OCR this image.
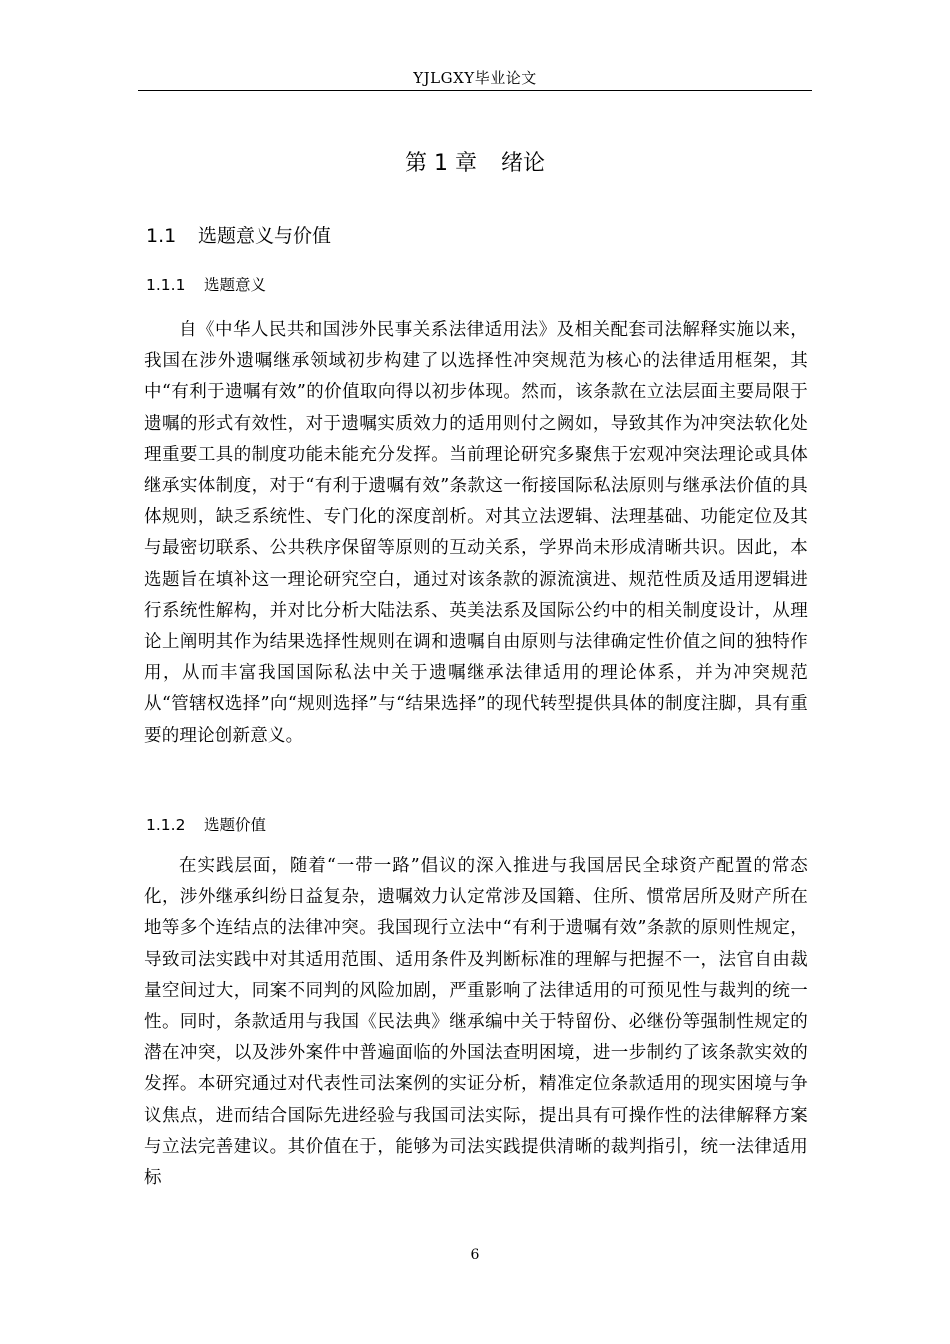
YJLGXY毕业论文
第 1 章 绪论
1.1 选题意义与价值
1.1.1 选题意义

自《中华人民共和国涉外民事关系法律适用法》及相关配套司法解释实施以来，我国在涉外遗嘱继承领域初步构建了以选择性冲突规范为核心的法律适用框架，其中“有利于遗嘱有效”的价值取向得以初步体现。然而，该条款在立法层面主要局限于遗嘱的形式有效性，对于遗嘱实质效力的适用则付之阙如，导致其作为冲突法软化处理重要工具的制度功能未能充分发挥。当前理论研究多聚焦于宏观冲突法理论或具体继承实体制度，对于“有利于遗嘱有效”条款这一衔接国际私法原则与继承法价值的具体规则，缺乏系统性、专门化的深度剖析。对其立法逻辑、法理基础、功能定位及其与最密切联系、公共秩序保留等原则的互动关系，学界尚未形成清晰共识。因此，本选题旨在填补这一理论研究空白，通过对该条款的源流演进、规范性质及适用逻辑进行系统性解构，并对比分析大陆法系、英美法系及国际公约中的相关制度设计，从理论上阐明其作为结果选择性规则在调和遗嘱自由原则与法律确定性价值之间的独特作用，从而丰富我国国际私法中关于遗嘱继承法律适用的理论体系，并为冲突规范从“管辖权选择”向“规则选择”与“结果选择”的现代转型提供具体的制度注脚，具有重要的理论创新意义。

1.1.2 选题价值

在实践层面，随着“一带一路”倡议的深入推进与我国居民全球资产配置的常态化，涉外继承纠纷日益复杂，遗嘱效力认定常涉及国籍、住所、惯常居所及财产所在地等多个连结点的法律冲突。我国现行立法中“有利于遗嘱有效”条款的原则性规定，导致司法实践中对其适用范围、适用条件及判断标准的理解与把握不一，法官自由裁量空间过大，同案不同判的风险加剧，严重影响了法律适用的可预见性与裁判的统一性。同时，条款适用与我国《民法典》继承编中关于特留份、必继份等强制性规定的潜在冲突，以及涉外案件中普遍面临的外国法查明困境，进一步制约了该条款实效的发挥。本研究通过对代表性司法案例的实证分析，精准定位条款适用的现实困境与争议焦点，进而结合国际先进经验与我国司法实际，提出具有可操作性的法律解释方案与立法完善建议。其价值在于，能够为司法实践提供清晰的裁判指引，统一法律适用标

6
